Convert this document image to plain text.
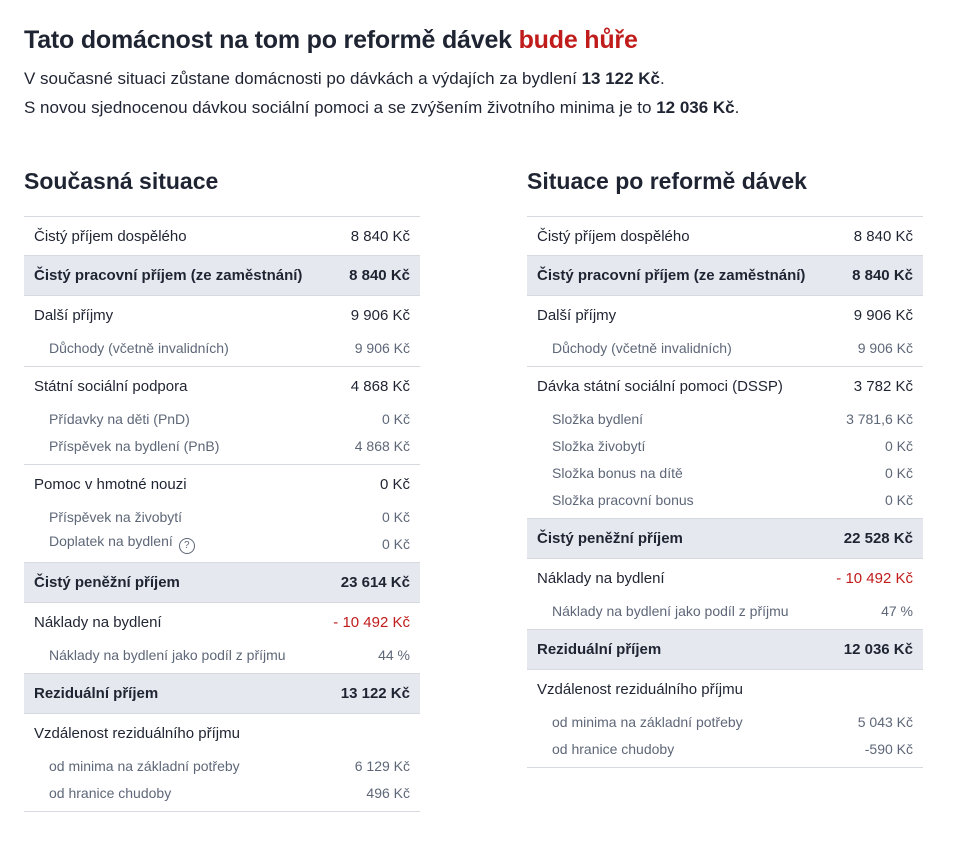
Tato domácnost na tom po reformě dávek bude hůře
V současné situaci zůstane domácnosti po dávkách a výdajích za bydlení 13 122 Kč.
S novou sjednocenou dávkou sociální pomoci a se zvýšením životního minima je to 12 036 Kč.
Současná situace
Čistý příjem dospělého	8 840 Kč
Čistý pracovní příjem (ze zaměstnání)	8 840 Kč
Další příjmy	9 906 Kč
Důchody (včetně invalidních)	9 906 Kč
Státní sociální podpora	4 868 Kč
Přídavky na děti (PnD)	0 Kč
Příspěvek na bydlení (PnB)	4 868 Kč
Pomoc v hmotné nouzi	0 Kč
Příspěvek na živobytí	0 Kč
Doplatek na bydlení ?	0 Kč
Čistý peněžní příjem	23 614 Kč
Náklady na bydlení	- 10 492 Kč
Náklady na bydlení jako podíl z příjmu	44 %
Reziduální příjem	13 122 Kč
Vzdálenost reziduálního příjmu
od minima na základní potřeby	6 129 Kč
od hranice chudoby	496 Kč
Situace po reformě dávek
Čistý příjem dospělého	8 840 Kč
Čistý pracovní příjem (ze zaměstnání)	8 840 Kč
Další příjmy	9 906 Kč
Důchody (včetně invalidních)	9 906 Kč
Dávka státní sociální pomoci (DSSP)	3 782 Kč
Složka bydlení	3 781,6 Kč
Složka živobytí	0 Kč
Složka bonus na dítě	0 Kč
Složka pracovní bonus	0 Kč
Čistý peněžní příjem	22 528 Kč
Náklady na bydlení	- 10 492 Kč
Náklady na bydlení jako podíl z příjmu	47 %
Reziduální příjem	12 036 Kč
Vzdálenost reziduálního příjmu
od minima na základní potřeby	5 043 Kč
od hranice chudoby	-590 Kč
